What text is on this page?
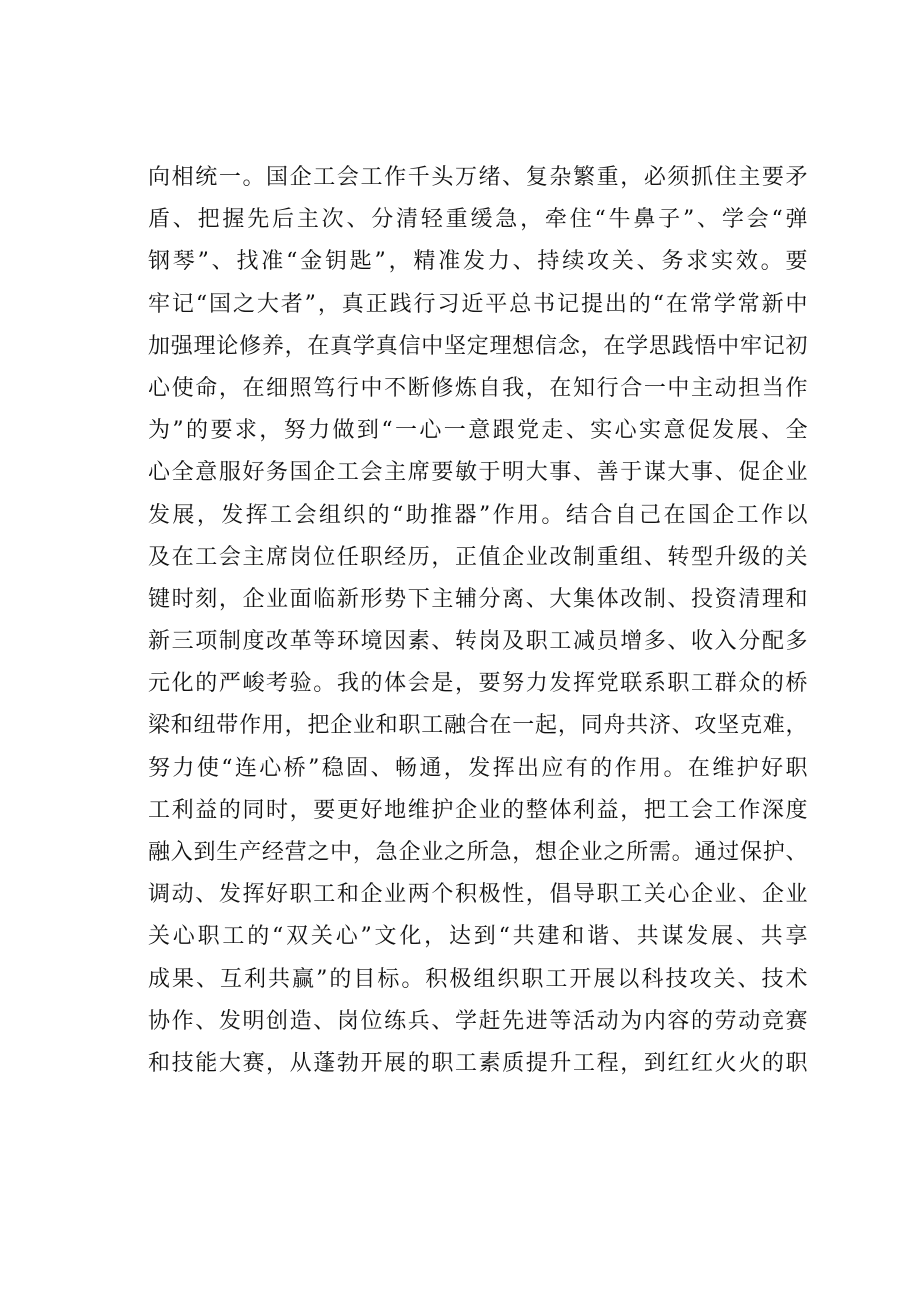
向相统一。国企工会工作千头万绪、复杂繁重，必须抓住主要矛
盾、把握先后主次、分清轻重缓急，牵住“牛鼻子”、学会“弹
钢琴”、找准“金钥匙”，精准发力、持续攻关、务求实效。要
牢记“国之大者”，真正践行习近平总书记提出的“在常学常新中
加强理论修养，在真学真信中坚定理想信念，在学思践悟中牢记初
心使命，在细照笃行中不断修炼自我，在知行合一中主动担当作
为”的要求，努力做到“一心一意跟党走、实心实意促发展、全
心全意服好务国企工会主席要敏于明大事、善于谋大事、促企业
发展，发挥工会组织的“助推器”作用。结合自己在国企工作以
及在工会主席岗位任职经历，正值企业改制重组、转型升级的关
键时刻，企业面临新形势下主辅分离、大集体改制、投资清理和
新三项制度改革等环境因素、转岗及职工减员增多、收入分配多
元化的严峻考验。我的体会是，要努力发挥党联系职工群众的桥
梁和纽带作用，把企业和职工融合在一起，同舟共济、攻坚克难，
努力使“连心桥”稳固、畅通，发挥出应有的作用。在维护好职
工利益的同时，要更好地维护企业的整体利益，把工会工作深度
融入到生产经营之中，急企业之所急，想企业之所需。通过保护、
调动、发挥好职工和企业两个积极性，倡导职工关心企业、企业
关心职工的“双关心”文化，达到“共建和谐、共谋发展、共享
成果、互利共赢”的目标。积极组织职工开展以科技攻关、技术
协作、发明创造、岗位练兵、学赶先进等活动为内容的劳动竞赛
和技能大赛，从蓬勃开展的职工素质提升工程，到红红火火的职
